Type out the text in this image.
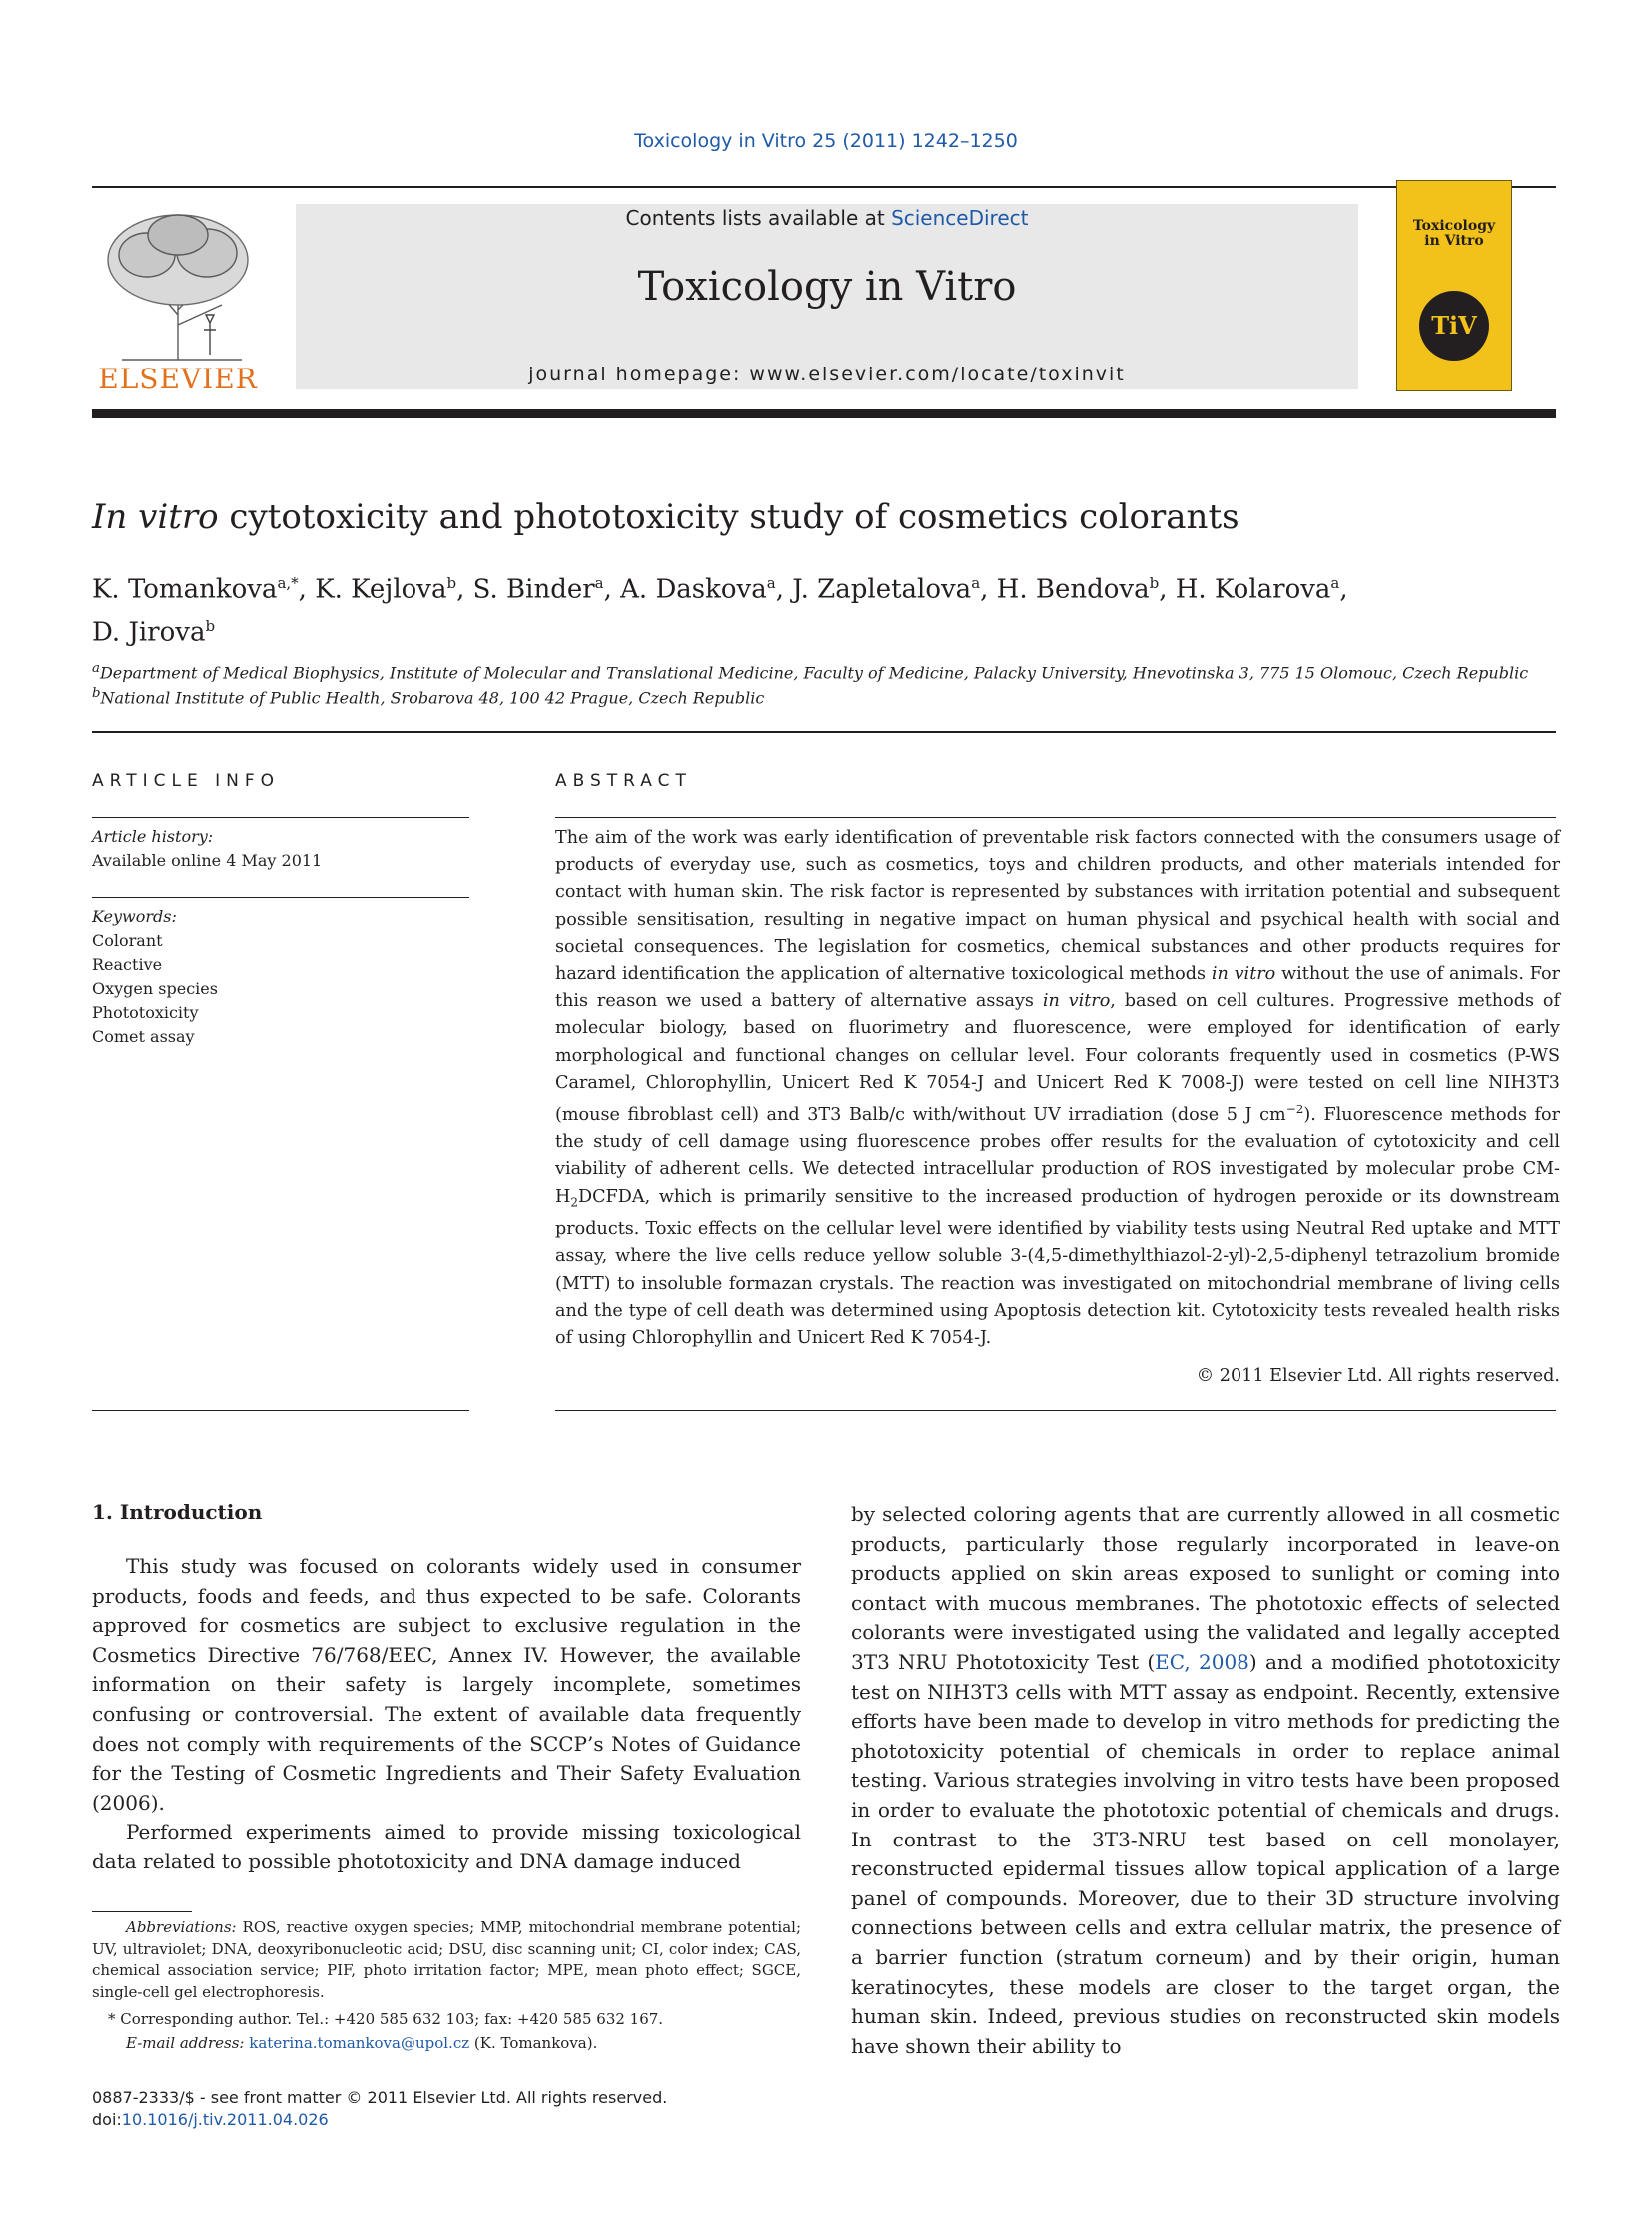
Toxicology in Vitro 25 (2011) 1242–1250
ELSEVIER
Contents lists available at ScienceDirect
Toxicology in Vitro
journal homepage: www.elsevier.com/locate/toxinvit
Toxicology in Vitro
TiV
In vitro cytotoxicity and phototoxicity study of cosmetics colorants
K. Tomankova$^{a,*}$, K. Kejlova$^b$, S. Binder$^a$, A. Daskova$^a$, J. Zapletalova$^a$, H. Bendova$^b$, H. Kolarova$^a$,
D. Jirova$^b$
$^a$Department of Medical Biophysics, Institute of Molecular and Translational Medicine, Faculty of Medicine, Palacky University, Hnevotinska 3, 775 15 Olomouc, Czech Republic
$^b$National Institute of Public Health, Srobarova 48, 100 42 Prague, Czech Republic
ARTICLE INFO
Article history:
Available online 4 May 2011
Keywords:
Colorant
Reactive
Oxygen species
Phototoxicity
Comet assay
ABSTRACT
The aim of the work was early identification of preventable risk factors connected with the consumers usage of products of everyday use, such as cosmetics, toys and children products, and other materials intended for contact with human skin. The risk factor is represented by substances with irritation potential and subsequent possible sensitisation, resulting in negative impact on human physical and psychical health with social and societal consequences. The legislation for cosmetics, chemical substances and other products requires for hazard identification the application of alternative toxicological methods in vitro without the use of animals. For this reason we used a battery of alternative assays in vitro, based on cell cultures. Progressive methods of molecular biology, based on fluorimetry and fluorescence, were employed for identification of early morphological and functional changes on cellular level. Four colorants frequently used in cosmetics (P-WS Caramel, Chlorophyllin, Unicert Red K 7054-J and Unicert Red K 7008-J) were tested on cell line NIH3T3 (mouse fibroblast cell) and 3T3 Balb/c with/without UV irradiation (dose 5 J $cm^{-2}$). Fluorescence methods for the study of cell damage using fluorescence probes offer results for the evaluation of cytotoxicity and cell viability of adherent cells. We detected intracellular production of ROS investigated by molecular probe $CM-H_2DCFDA$, which is primarily sensitive to the increased production of hydrogen peroxide or its downstream products. Toxic effects on the cellular level were identified by viability tests using Neutral Red uptake and MTT assay, where the live cells reduce yellow soluble 3-(4,5-dimethylthiazol-2-yl)-2,5-diphenyl tetrazolium bromide (MTT) to insoluble formazan crystals. The reaction was investigated on mitochondrial membrane of living cells and the type of cell death was determined using Apoptosis detection kit. Cytotoxicity tests revealed health risks of using Chlorophyllin and Unicert Red K 7054-J.
© 2011 Elsevier Ltd. All rights reserved.
1. Introduction

This study was focused on colorants widely used in consumer products, foods and feeds, and thus expected to be safe. Colorants approved for cosmetics are subject to exclusive regulation in the Cosmetics Directive 76/768/EEC, Annex IV. However, the available information on their safety is largely incomplete, sometimes confusing or controversial. The extent of available data frequently does not comply with requirements of the SCCP’s Notes of Guidance for the Testing of Cosmetic Ingredients and Their Safety Evaluation (2006).

Performed experiments aimed to provide missing toxicological data related to possible phototoxicity and DNA damage induced

by selected coloring agents that are currently allowed in all cosmetic products, particularly those regularly incorporated in leave-on products applied on skin areas exposed to sunlight or coming into contact with mucous membranes. The phototoxic effects of selected colorants were investigated using the validated and legally accepted 3T3 NRU Phototoxicity Test (EC, 2008) and a modified phototoxicity test on NIH3T3 cells with MTT assay as endpoint. Recently, extensive efforts have been made to develop in vitro methods for predicting the phototoxicity potential of chemicals in order to replace animal testing. Various strategies involving in vitro tests have been proposed in order to evaluate the phototoxic potential of chemicals and drugs. In contrast to the 3T3-NRU test based on cell monolayer, reconstructed epidermal tissues allow topical application of a large panel of compounds. Moreover, due to their 3D structure involving connections between cells and extra cellular matrix, the presence of a barrier function (stratum corneum) and by their origin, human keratinocytes, these models are closer to the target organ, the human skin. Indeed, previous studies on reconstructed skin models have shown their ability to
Abbreviations: ROS, reactive oxygen species; MMP, mitochondrial membrane potential; UV, ultraviolet; DNA, deoxyribonucleotic acid; DSU, disc scanning unit; CI, color index; CAS, chemical association service; PIF, photo irritation factor; MPE, mean photo effect; SGCE, single-cell gel electrophoresis.
* Corresponding author. Tel.: +420 585 632 103; fax: +420 585 632 167.
E-mail address: katerina.tomankova@upol.cz (K. Tomankova).
0887-2333/$ - see front matter © 2011 Elsevier Ltd. All rights reserved.
doi:10.1016/j.tiv.2011.04.026
